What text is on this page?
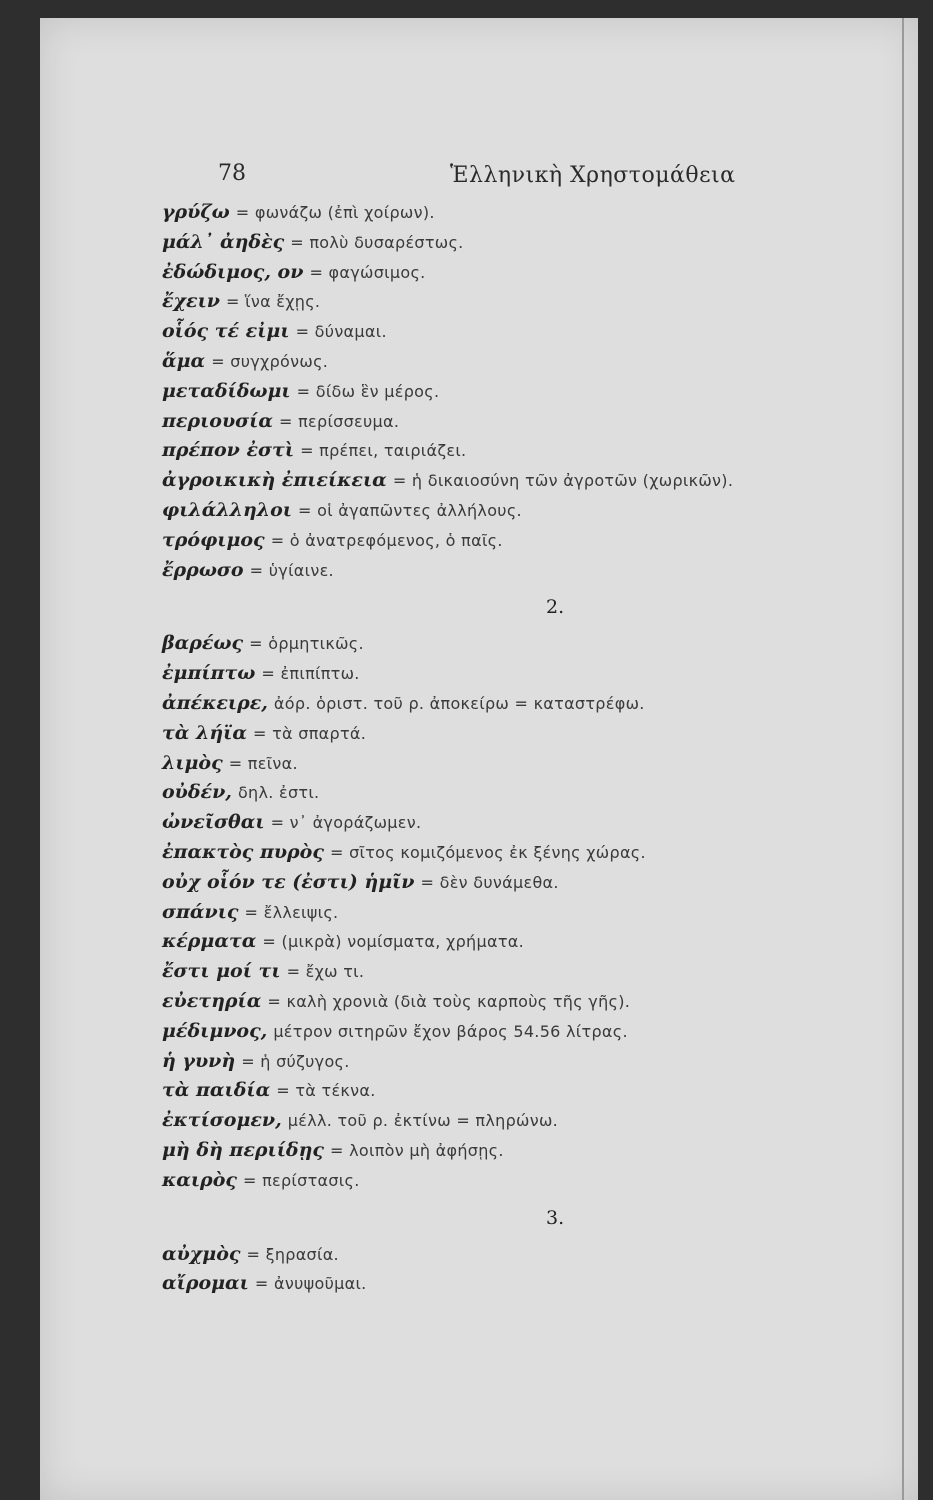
78	Ἑλληνικὴ Χρηστομάθεια
γρύζω = φωνάζω (ἐπὶ χοίρων).
μάλ᾽ ἀηδὲς = πολὺ δυσαρέστως.
ἐδώδιμος, ον = φαγώσιμος.
ἔχειν = ἵνα ἔχῃς.
οἷός τέ εἰμι = δύναμαι.
ἅμα = συγχρόνως.
μεταδίδωμι = δίδω ἓν μέρος.
περιουσία = περίσσευμα.
πρέπον ἐστὶ = πρέπει, ταιριάζει.
ἀγροικικὴ ἐπιείκεια = ἡ δικαιοσύνη τῶν ἀγροτῶν (χωρικῶν).
φιλάλληλοι = οἱ ἀγαπῶντες ἀλλήλους.
τρόφιμος = ὁ ἀνατρεφόμενος, ὁ παῖς.
ἔρρωσο = ὑγίαινε.
2.
βαρέως = ὁρμητικῶς.
ἐμπίπτω = ἐπιπίπτω.
ἀπέκειρε, ἀόρ. ὁριστ. τοῦ ρ. ἀποκείρω = καταστρέφω.
τὰ λήϊα = τὰ σπαρτά.
λιμὸς = πεῖνα.
οὐδέν, δηλ. ἐστι.
ὠνεῖσθαι = ν᾽ ἀγοράζωμεν.
ἐπακτὸς πυρὸς = σῖτος κομιζόμενος ἐκ ξένης χώρας.
οὐχ οἷόν τε (ἐστι) ἡμῖν = δὲν δυνάμεθα.
σπάνις = ἔλλειψις.
κέρματα = (μικρὰ) νομίσματα, χρήματα.
ἔστι μοί τι = ἔχω τι.
εὐετηρία = καλὴ χρονιὰ (διὰ τοὺς καρποὺς τῆς γῆς).
μέδιμνος, μέτρον σιτηρῶν ἔχον βάρος 54.56 λίτρας.
ἡ γυνὴ = ἡ σύζυγος.
τὰ παιδία = τὰ τέκνα.
ἐκτίσομεν, μέλλ. τοῦ ρ. ἐκτίνω = πληρώνω.
μὴ δὴ περιίδῃς = λοιπὸν μὴ ἀφήσῃς.
καιρὸς = περίστασις.
3.
αὐχμὸς = ξηρασία.
αἴρομαι = ἀνυψοῦμαι.
